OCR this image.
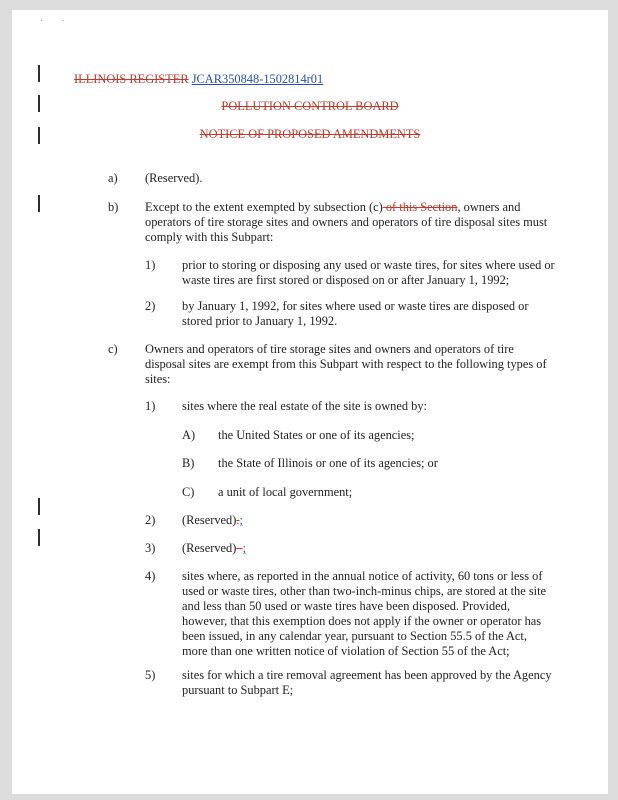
··
ILLINOIS REGISTER JCAR350848-1502814r01
POLLUTION CONTROL BOARD
NOTICE OF PROPOSED AMENDMENTS
a) (Reserved).
b) Except to the extent exempted by subsection (c) of this Section, owners and
operators of tire storage sites and owners and operators of tire disposal sites must
comply with this Subpart:
1) prior to storing or disposing any used or waste tires, for sites where used or
waste tires are first stored or disposed on or after January 1, 1992;
2) by January 1, 1992, for sites where used or waste tires are disposed or
stored prior to January 1, 1992.
c) Owners and operators of tire storage sites and owners and operators of tire
disposal sites are exempt from this Subpart with respect to the following types of
sites:
1) sites where the real estate of the site is owned by:
A) the United States or one of its agencies;
B) the State of Illinois or one of its agencies; or
C) a unit of local government;
2) (Reserved).;
3) (Reserved)–;
4) sites where, as reported in the annual notice of activity, 60 tons or less of
used or waste tires, other than two-inch-minus chips, are stored at the site
and less than 50 used or waste tires have been disposed. Provided,
however, that this exemption does not apply if the owner or operator has
been issued, in any calendar year, pursuant to Section 55.5 of the Act,
more than one written notice of violation of Section 55 of the Act;
5) sites for which a tire removal agreement has been approved by the Agency
pursuant to Subpart E;
